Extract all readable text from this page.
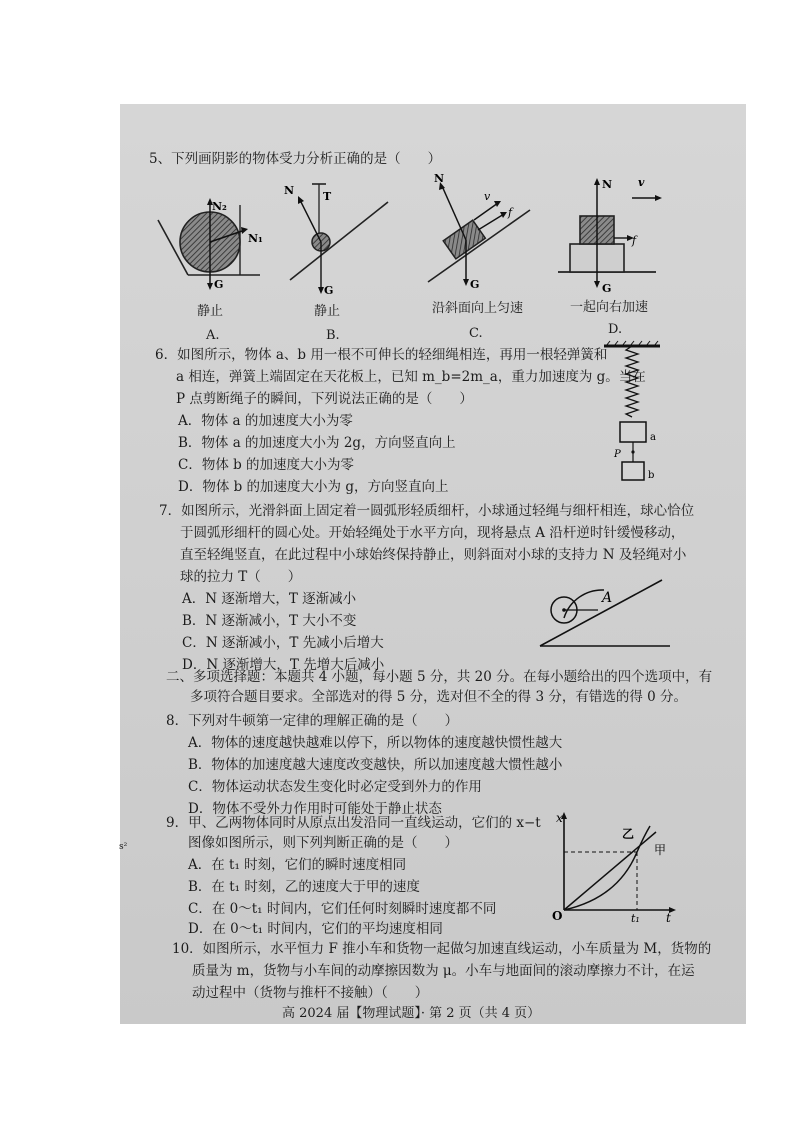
5、下列画阴影的物体受力分析正确的是（　　）
N₂
N₁
G
静止
A.
N	T
G
静止
B.
N
v
f
G
沿斜面向上匀速
C.
N v
f
G
一起向右加速
D.
6．如图所示，物体 a、b 用一根不可伸长的轻细绳相连，再用一根轻弹簧和
a 相连，弹簧上端固定在天花板上，已知 m_b=2m_a，重力加速度为 g。当在
P 点剪断绳子的瞬间，下列说法正确的是（　　）
A．物体 a 的加速度大小为零
B．物体 a 的加速度大小为 2g，方向竖直向上
C．物体 b 的加速度大小为零
D．物体 b 的加速度大小为 g，方向竖直向上
a
P
b
7．如图所示，光滑斜面上固定着一圆弧形轻质细杆，小球通过轻绳与细杆相连，球心恰位
于圆弧形细杆的圆心处。开始轻绳处于水平方向，现将悬点 A 沿杆逆时针缓慢移动，
直至轻绳竖直，在此过程中小球始终保持静止，则斜面对小球的支持力 N 及轻绳对小
球的拉力 T（　　）
A．N 逐渐增大，T 逐渐减小
B．N 逐渐减小，T 大小不变
C．N 逐渐减小，T 先减小后增大
D．N 逐渐增大，T 先增大后减小
A
二、多项选择题：本题共 4 小题，每小题 5 分，共 20 分。在每小题给出的四个选项中，有
多项符合题目要求。全部选对的得 5 分，选对但不全的得 3 分，有错选的得 0 分。
8．下列对牛顿第一定律的理解正确的是（　　）
A．物体的速度越快越难以停下，所以物体的速度越快惯性越大
B．物体的加速度越大速度改变越快，所以加速度越大惯性越小
C．物体运动状态发生变化时必定受到外力的作用
D．物体不受外力作用时可能处于静止状态
9．甲、乙两物体同时从原点出发沿同一直线运动，它们的 x−t
图像如图所示，则下列判断正确的是（　　）
A．在 t₁ 时刻，它们的瞬时速度相同
B．在 t₁ 时刻，乙的速度大于甲的速度
C．在 0～t₁ 时间内，它们任何时刻瞬时速度都不同
D．在 0～t₁ 时间内，它们的平均速度相同
x
t
O	t₁
乙
甲
10．如图所示，水平恒力 F 推小车和货物一起做匀加速直线运动，小车质量为 M，货物的
质量为 m，货物与小车间的动摩擦因数为 μ。小车与地面间的滚动摩擦力不计，在运
动过程中（货物与推杆不接触）（　　）
s²
高 2024 届【物理试题】· 第 2 页（共 4 页）
